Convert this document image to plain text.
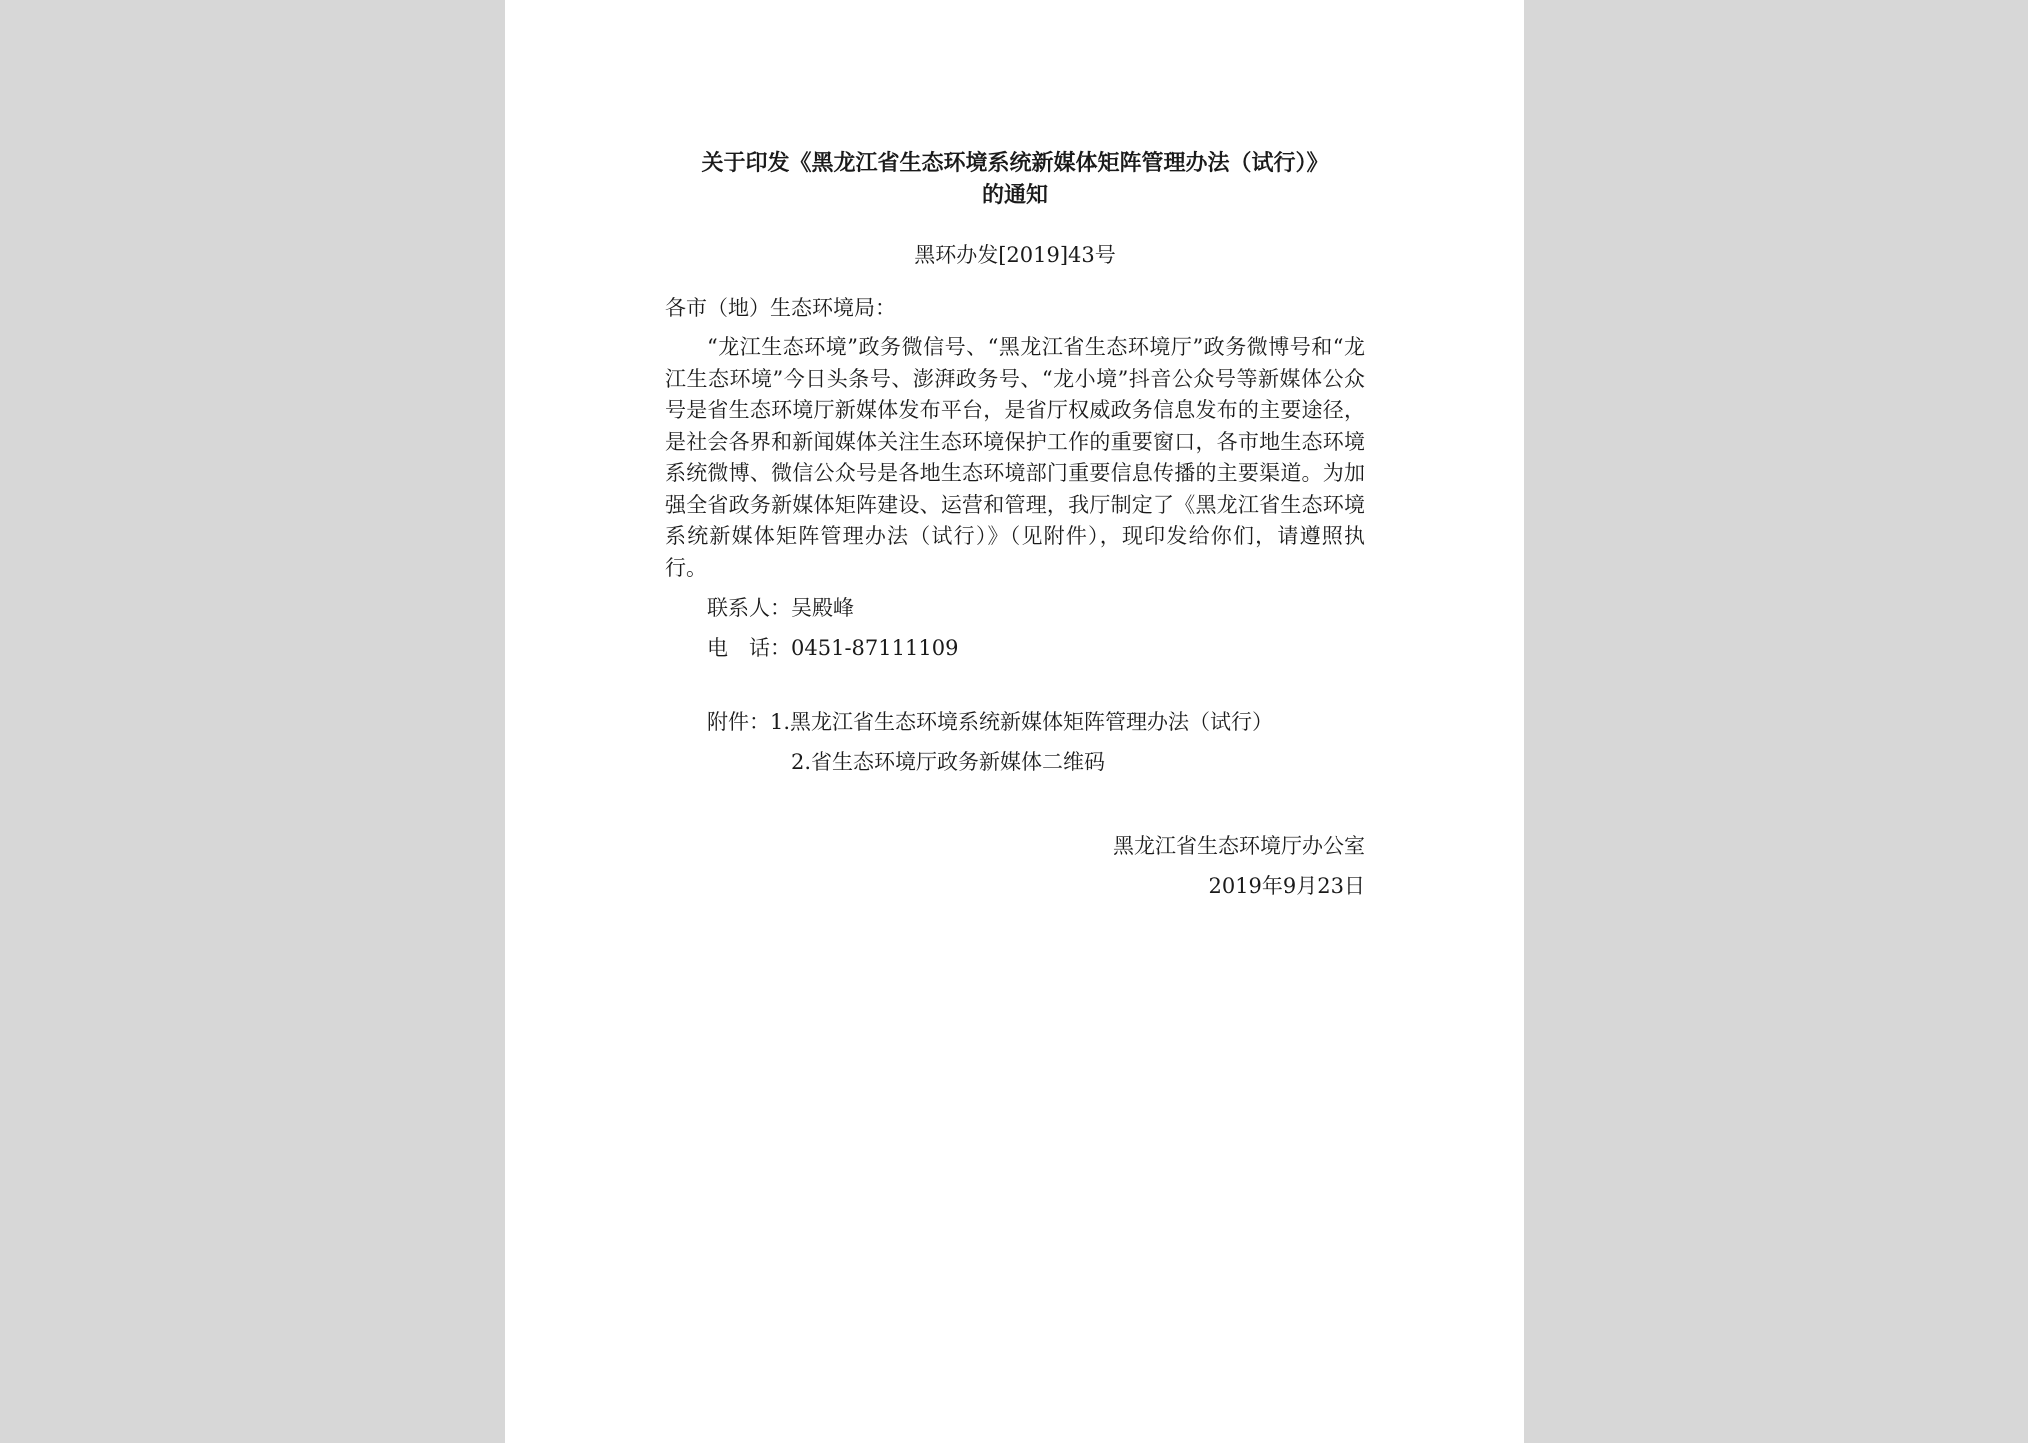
关于印发《黑龙江省生态环境系统新媒体矩阵管理办法（试行）》

的通知

黑环办发[2019]43号
各市（地）生态环境局：
“龙江生态环境”政务微信号、“黑龙江省生态环境厅”政务微博号和“龙江生态环境”今日头条号、澎湃政务号、“龙小境”抖音公众号等新媒体公众号是省生态环境厅新媒体发布平台，是省厅权威政务信息发布的主要途径，是社会各界和新闻媒体关注生态环境保护工作的重要窗口，各市地生态环境系统微博、微信公众号是各地生态环境部门重要信息传播的主要渠道。为加强全省政务新媒体矩阵建设、运营和管理，我厅制定了《黑龙江省生态环境系统新媒体矩阵管理办法（试行）》（见附件），现印发给你们，请遵照执行。
联系人：吴殿峰
电　话：0451-87111109
附件：1.黑龙江省生态环境系统新媒体矩阵管理办法（试行）
2.省生态环境厅政务新媒体二维码
黑龙江省生态环境厅办公室
2019年9月23日
